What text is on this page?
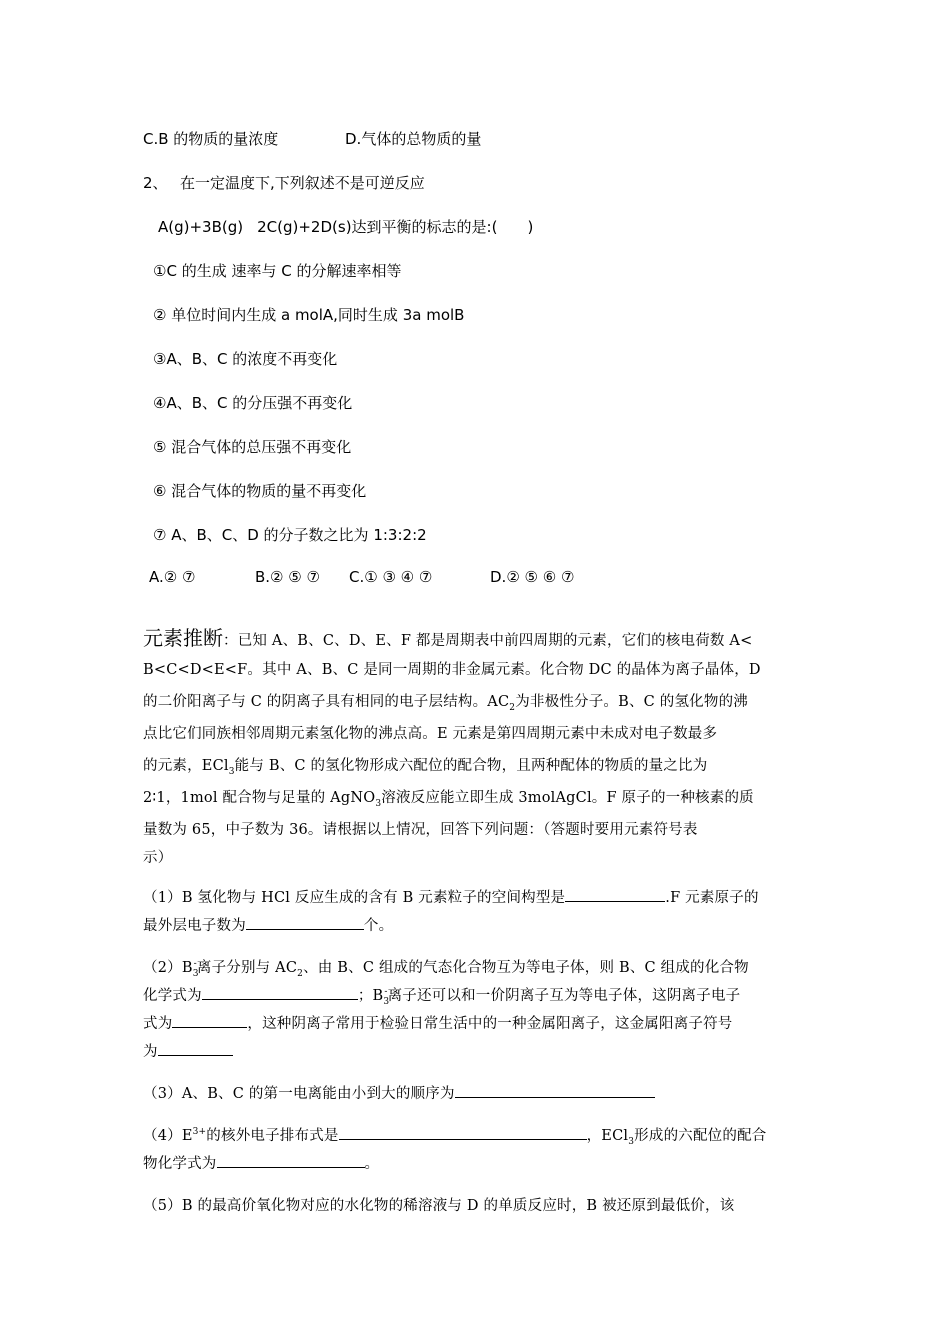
C.B 的物质的量浓度	D.气体的总物质的量
2、 在一定温度下,下列叙述不是可逆反应
A(g)+3B(g) 2C(g)+2D(s)达到平衡的标志的是:( )
①C 的生成 速率与 C 的分解速率相等
② 单位时间内生成 a molA,同时生成 3a molB
③A、B、C 的浓度不再变化
④A、B、C 的分压强不再变化
⑤ 混合气体的总压强不再变化
⑥ 混合气体的物质的量不再变化
⑦ A、B、C、D 的分子数之比为 1:3:2:2
A.② ⑦	B.② ⑤ ⑦ C.① ③ ④ ⑦	D.② ⑤ ⑥ ⑦
元素推断：已知 A、B、C、D、E、F 都是周期表中前四周期的元素，它们的核电荷数 A<
B<C<D<E<F。其中 A、B、C 是同一周期的非金属元素。化合物 DC 的晶体为离子晶体，D
的二价阳离子与 C 的阴离子具有相同的电子层结构。$AC_2$为非极性分子。B、C 的氢化物的沸
点比它们同族相邻周期元素氢化物的沸点高。E 元素是第四周期元素中未成对电子数最多
的元素，ECl$_3$能与 B、C 的氢化物形成六配位的配合物，且两种配体的物质的量之比为
2∶1，1mol 配合物与足量的 AgNO$_3$溶液反应能立即生成 3molAgCl。F 原子的一种核素的质
量数为 65，中子数为 36。请根据以上情况，回答下列问题：（答题时要用元素符号表
示）
（1）B 氢化物与 HCl 反应生成的含有 B 元素粒子的空间构型是	.F 元素原子的
最外层电子数为	个。
$(2)B_3^-$离子分别与 $AC_2$、由 B、C 组成的气态化合物互为等电子体，则 B、C 组成的化合物
化学式为	；$B_3^-$离子还可以和一价阴离子互为等电子体，这阴离子电子
式为	，这种阴离子常用于检验日常生活中的一种金属阳离子，这金属阳离子符号
为
（3）A、B、C 的第一电离能由小到大的顺序为
$(4)E^{3+}$的核外电子排布式是	，ECl$_3$形成的六配位的配合
物化学式为	。
（5）B 的最高价氧化物对应的水化物的稀溶液与 D 的单质反应时，B 被还原到最低价，该
